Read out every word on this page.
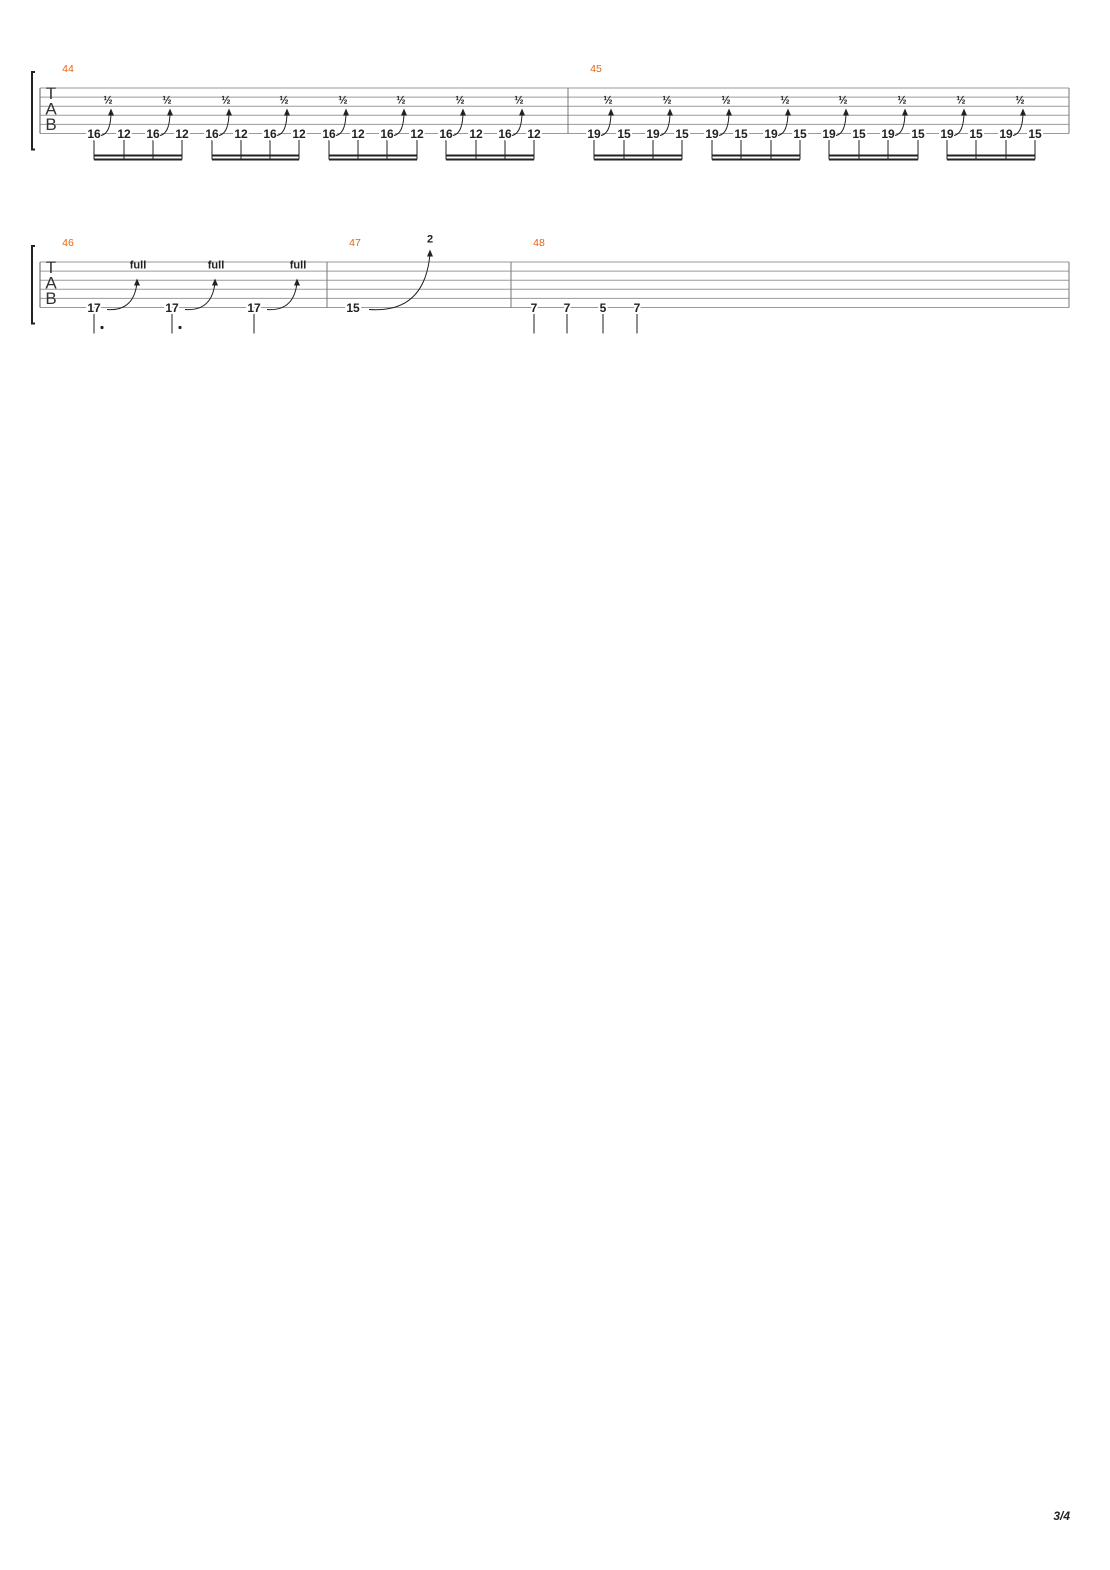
T
A
B
44
16
½
12 16
½
12 16
½
12 16
½
12 16
½
12 16
½
12 16
½
12 16
½
12
45
19
½
15 19
½
15 19
½
15 19
½
15 19
½
15 19
½
15 19
½
15 19
½
15
T
A
B
46
17
full
17
full
17
full
47
15
2	48
7 7 5 7
3/4
